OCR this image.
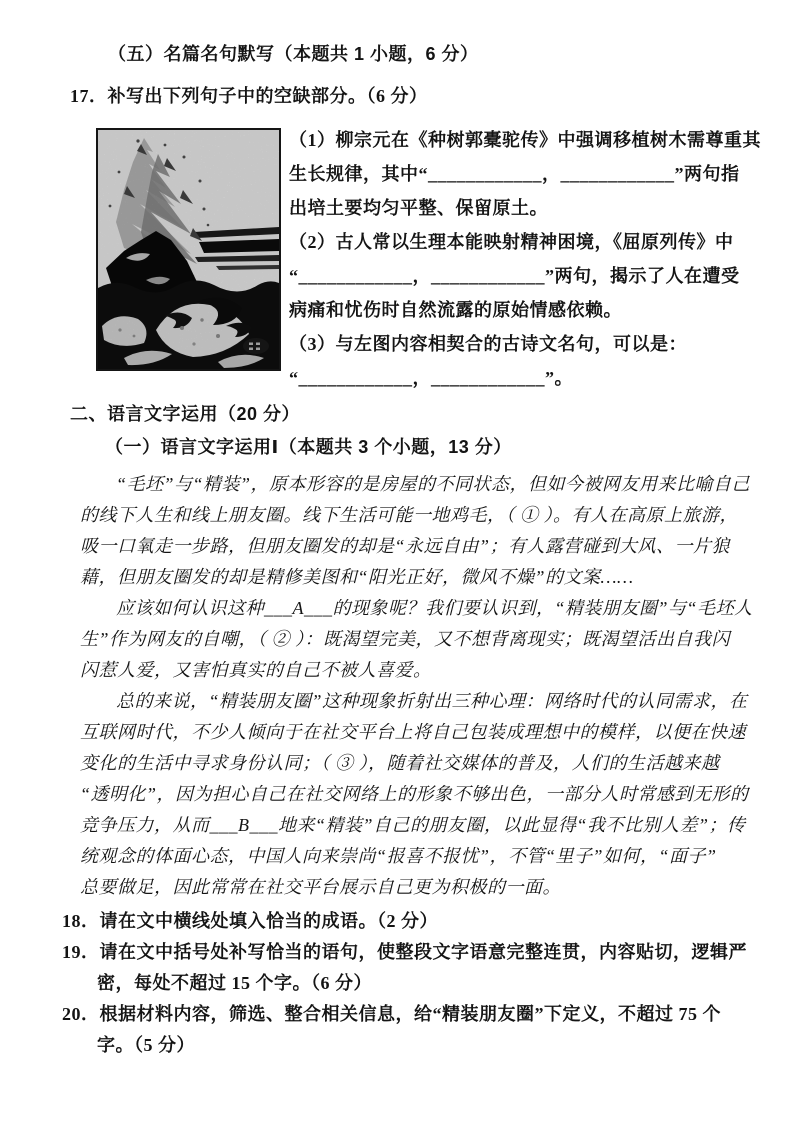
（五）名篇名句默写（本题共 1 小题，6 分）
17．补写出下列句子中的空缺部分。（6 分）
（1）柳宗元在《种树郭橐驼传》中强调移植树木需尊重其
生长规律，其中“____________，____________”两句指
出培土要均匀平整、保留原土。
（2）古人常以生理本能映射精神困境，《屈原列传》中
“____________，____________”两句，揭示了人在遭受
病痛和忧伤时自然流露的原始情感依赖。
（3）与左图内容相契合的古诗文名句，可以是：
“____________，____________”。
二、语言文字运用（20 分）
（一）语言文字运用Ⅰ（本题共 3 个小题，13 分）
“毛坯”与“精装”，原本形容的是房屋的不同状态，但如今被网友用来比喻自己
的线下人生和线上朋友圈。线下生活可能一地鸡毛，（ ① ）。有人在高原上旅游，
吸一口氧走一步路，但朋友圈发的却是“永远自由”；有人露营碰到大风、一片狼
藉，但朋友圈发的却是精修美图和“阳光正好，微风不燥”的文案……
应该如何认识这种___A___的现象呢？我们要认识到，“精装朋友圈”与“毛坯人
生”作为网友的自嘲，（ ② ）：既渴望完美，又不想背离现实；既渴望活出自我闪
闪惹人爱，又害怕真实的自己不被人喜爱。
总的来说，“精装朋友圈”这种现象折射出三种心理：网络时代的认同需求，在
互联网时代，不少人倾向于在社交平台上将自己包装成理想中的模样，以便在快速
变化的生活中寻求身份认同；（ ③ ），随着社交媒体的普及，人们的生活越来越
“透明化”，因为担心自己在社交网络上的形象不够出色，一部分人时常感到无形的
竞争压力，从而___B___地来“精装”自己的朋友圈，以此显得“我不比别人差”；传
统观念的体面心态，中国人向来崇尚“报喜不报忧”，不管“里子”如何，“面子”
总要做足，因此常常在社交平台展示自己更为积极的一面。
18．请在文中横线处填入恰当的成语。（2 分）
19．请在文中括号处补写恰当的语句，使整段文字语意完整连贯，内容贴切，逻辑严
密，每处不超过 15 个字。（6 分）
20．根据材料内容，筛选、整合相关信息，给“精装朋友圈”下定义，不超过 75 个
字。（5 分）
